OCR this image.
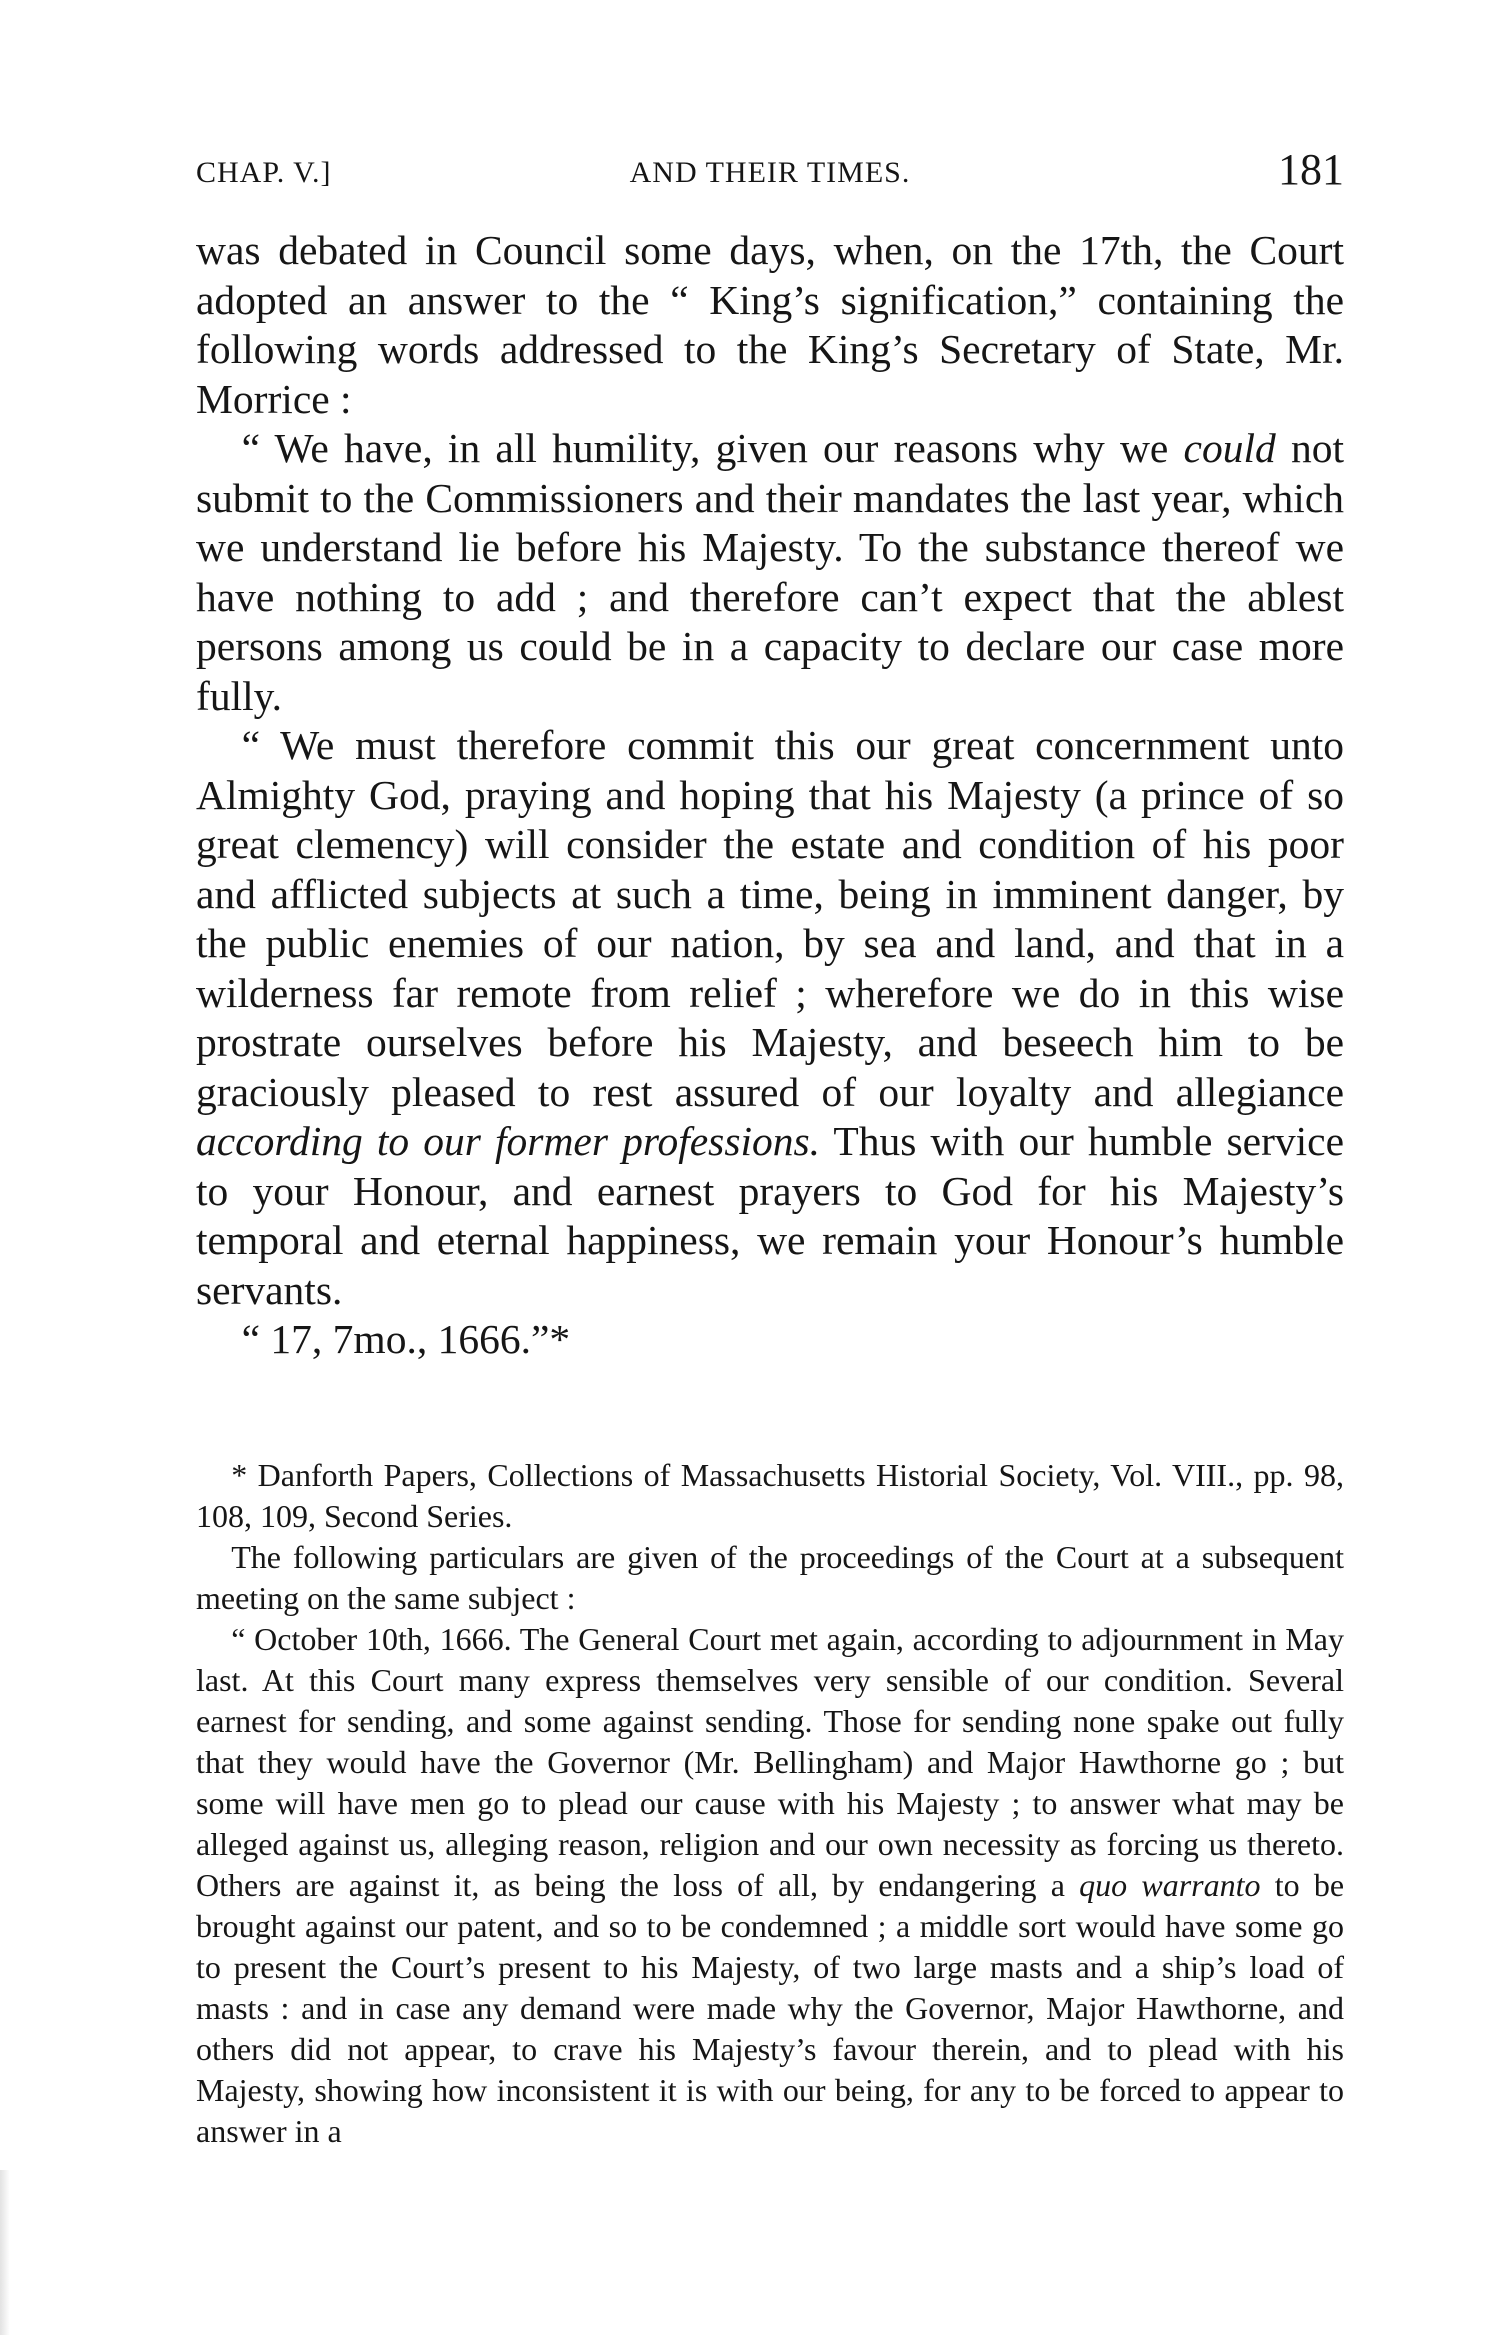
CHAP. V.]	AND THEIR TIMES.	181

was debated in Council some days, when, on the 17th, the Court adopted an answer to the “ King’s signification,” containing the following words addressed to the King’s Secretary of State, Mr. Morrice :

“ We have, in all humility, given our reasons why we could not submit to the Commissioners and their mandates the last year, which we understand lie before his Majesty. To the substance thereof we have nothing to add ; and therefore can’t expect that the ablest persons among us could be in a capacity to declare our case more fully.

“ We must therefore commit this our great concernment unto Almighty God, praying and hoping that his Majesty (a prince of so great clemency) will consider the estate and condition of his poor and afflicted subjects at such a time, being in imminent danger, by the public enemies of our nation, by sea and land, and that in a wilderness far remote from relief ; wherefore we do in this wise prostrate ourselves before his Majesty, and beseech him to be graciously pleased to rest assured of our loyalty and allegiance according to our former professions. Thus with our humble service to your Honour, and earnest prayers to God for his Majesty’s temporal and eternal happiness, we remain your Honour’s humble servants.

“ 17, 7mo., 1666.”*

* Danforth Papers, Collections of Massachusetts Historial Society, Vol. VIII., pp. 98, 108, 109, Second Series.

The following particulars are given of the proceedings of the Court at a subsequent meeting on the same subject :

“ October 10th, 1666. The General Court met again, according to adjournment in May last. At this Court many express themselves very sensible of our condition. Several earnest for sending, and some against sending. Those for sending none spake out fully that they would have the Governor (Mr. Bellingham) and Major Hawthorne go ; but some will have men go to plead our cause with his Majesty ; to answer what may be alleged against us, alleging reason, religion and our own necessity as forcing us thereto. Others are against it, as being the loss of all, by endangering a quo warranto to be brought against our patent, and so to be condemned ; a middle sort would have some go to present the Court’s present to his Majesty, of two large masts and a ship’s load of masts : and in case any demand were made why the Governor, Major Hawthorne, and others did not appear, to crave his Majesty’s favour therein, and to plead with his Majesty, showing how inconsistent it is with our being, for any to be forced to appear to answer in a
